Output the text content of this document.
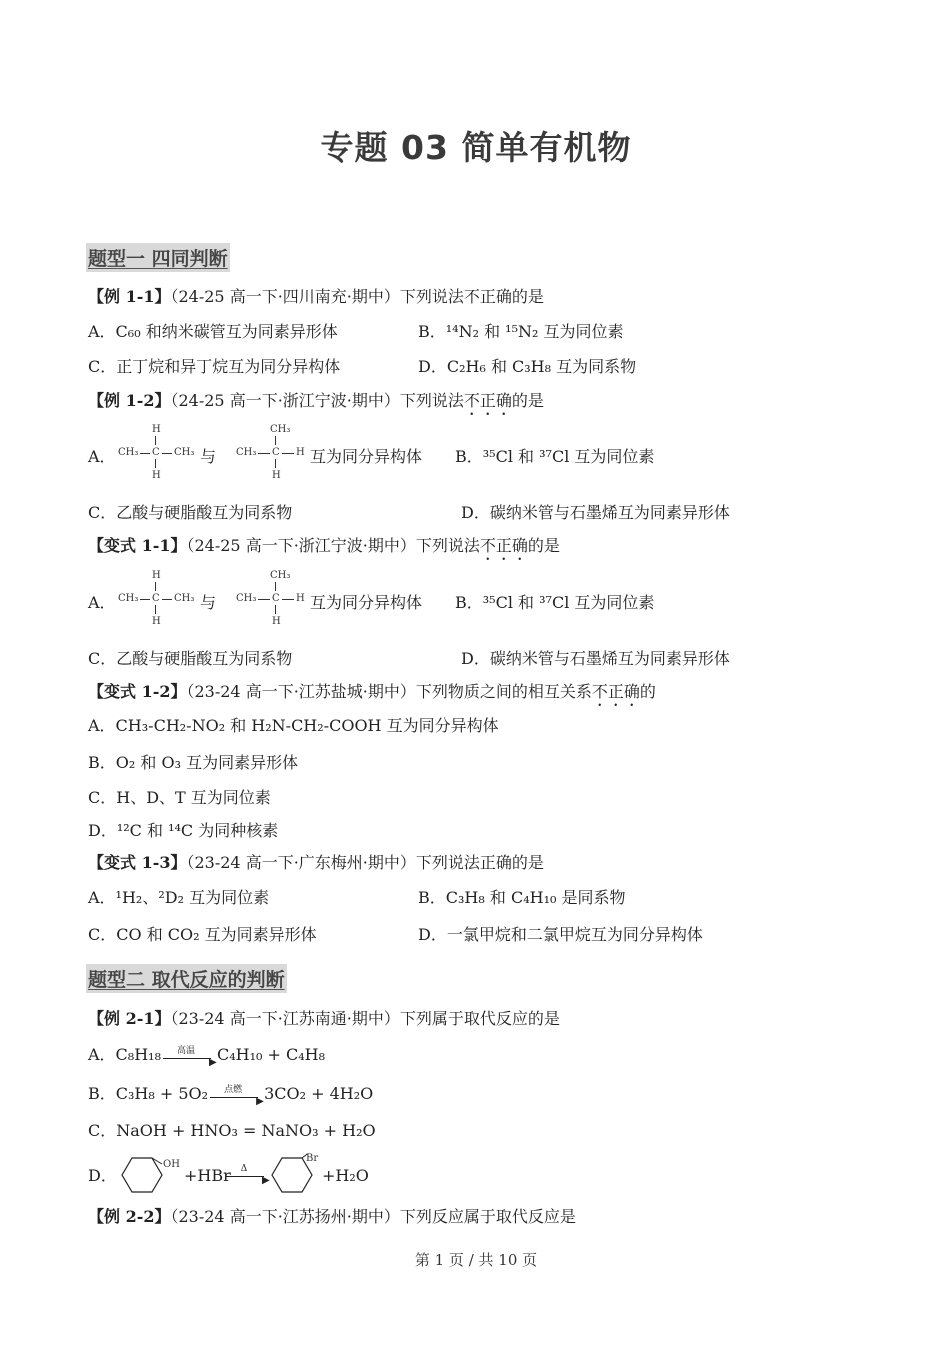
专题 03 简单有机物
题型一 四同判断
【例 1-1】（24-25 高一下·四川南充·期中）下列说法不正确的是
A．C₆₀ 和纳米碳管互为同素异形体	B．¹⁴N₂ 和 ¹⁵N₂ 互为同位素
C．正丁烷和异丁烷互为同分异构体	D．C₂H₆ 和 C₃H₈ 互为同系物
【例 1-2】（24-25 高一下·浙江宁波·期中）下列说法不正确的是
A．
H
CH₃ C CH₃
H
与
CH₃
CH₃ C H
H
互为同分异构体 B．³⁵Cl 和 ³⁷Cl 互为同位素
C．乙酸与硬脂酸互为同系物	D．碳纳米管与石墨烯互为同素异形体
【变式 1-1】（24-25 高一下·浙江宁波·期中）下列说法不正确的是
A．
H
CH₃ C CH₃
H
与
CH₃
CH₃ C H
H
互为同分异构体 B．³⁵Cl 和 ³⁷Cl 互为同位素
C．乙酸与硬脂酸互为同系物	D．碳纳米管与石墨烯互为同素异形体
【变式 1-2】（23-24 高一下·江苏盐城·期中）下列物质之间的相互关系不正确的
A．CH₃-CH₂-NO₂ 和 H₂N-CH₂-COOH 互为同分异构体
B．O₂ 和 O₃ 互为同素异形体
C．H、D、T 互为同位素
D．¹²C 和 ¹⁴C 为同种核素
【变式 1-3】（23-24 高一下·广东梅州·期中）下列说法正确的是
A．¹H₂、²D₂ 互为同位素	B．C₃H₈ 和 C₄H₁₀ 是同系物
C．CO 和 CO₂ 互为同素异形体	D．一氯甲烷和二氯甲烷互为同分异构体
题型二 取代反应的判断
【例 2-1】（23-24 高一下·江苏南通·期中）下列属于取代反应的是
A．C₈H₁₈	高温
▶ C₄H₁₀ + C₄H₈
B．C₃H₈ + 5O₂	点燃
▶ 3CO₂ + 4H₂O
C．NaOH + HNO₃ = NaNO₃ + H₂O
D．
OH
+HBr	Δ
▶
Br
+H₂O
【例 2-2】（23-24 高一下·江苏扬州·期中）下列反应属于取代反应是
第 1 页 / 共 10 页
